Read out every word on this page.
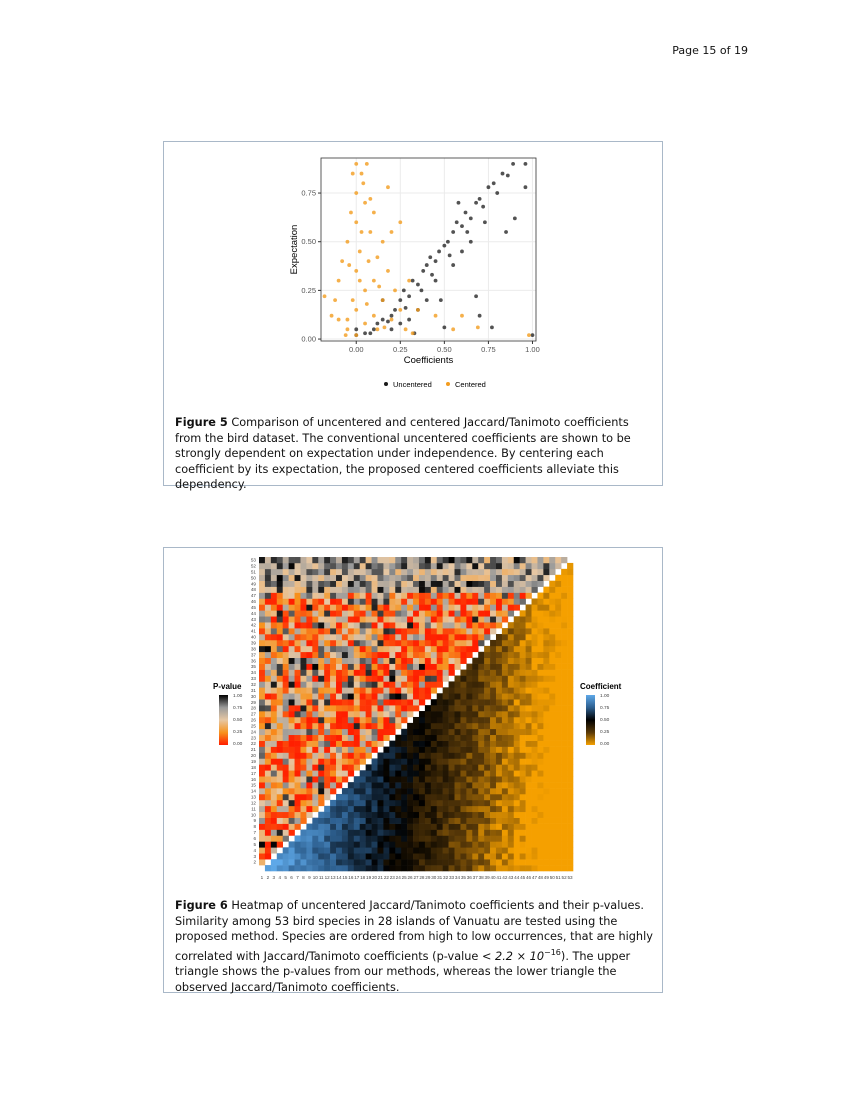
Page 15 of 19
0.00	0.25	0.50	0.75	1.00
0.00
0.25
0.50
0.75
Coefficients
Expectation
Uncentered	Centered
Figure 5 Comparison of uncentered and centered Jaccard/Tanimoto coefficients from the bird dataset. The conventional uncentered coefficients are shown to be strongly dependent on expectation under independence. By centering each coefficient by its expectation, the proposed centered coefficients alleviate this dependency.
1 2
2
3
3
4
4
5
5
6
6
7
7
8
8
9
9
10
10
11
11
12
12
13
13
14
14
15
15
16
16
17
17
18
18
19
19
20
20
21
21
22
22
23
23
24
24
25
25
26
26
27
27
28
28
29
29
30
30
31
31
32
32
33
33
34
34
35
35
36
36
37
37
38
38
39
39
40
40
41
41
42
42
43
43
44
44
45
45
46
46
47
47
48
48
49
49
50
50
51
51
52
52
53
53
P-value
1.00
0.75
0.50
0.25
0.00
Coefficient
1.00
0.75
0.50
0.25
0.00
Figure 6 Heatmap of uncentered Jaccard/Tanimoto coefficients and their p-values. Similarity among 53 bird species in 28 islands of Vanuatu are tested using the proposed method. Species are ordered from high to low occurrences, that are highly correlated with Jaccard/Tanimoto coefficients (p-value < $2.2 \times 10^{-16}$). The upper triangle shows the p-values from our methods, whereas the lower triangle the observed Jaccard/Tanimoto coefficients.
